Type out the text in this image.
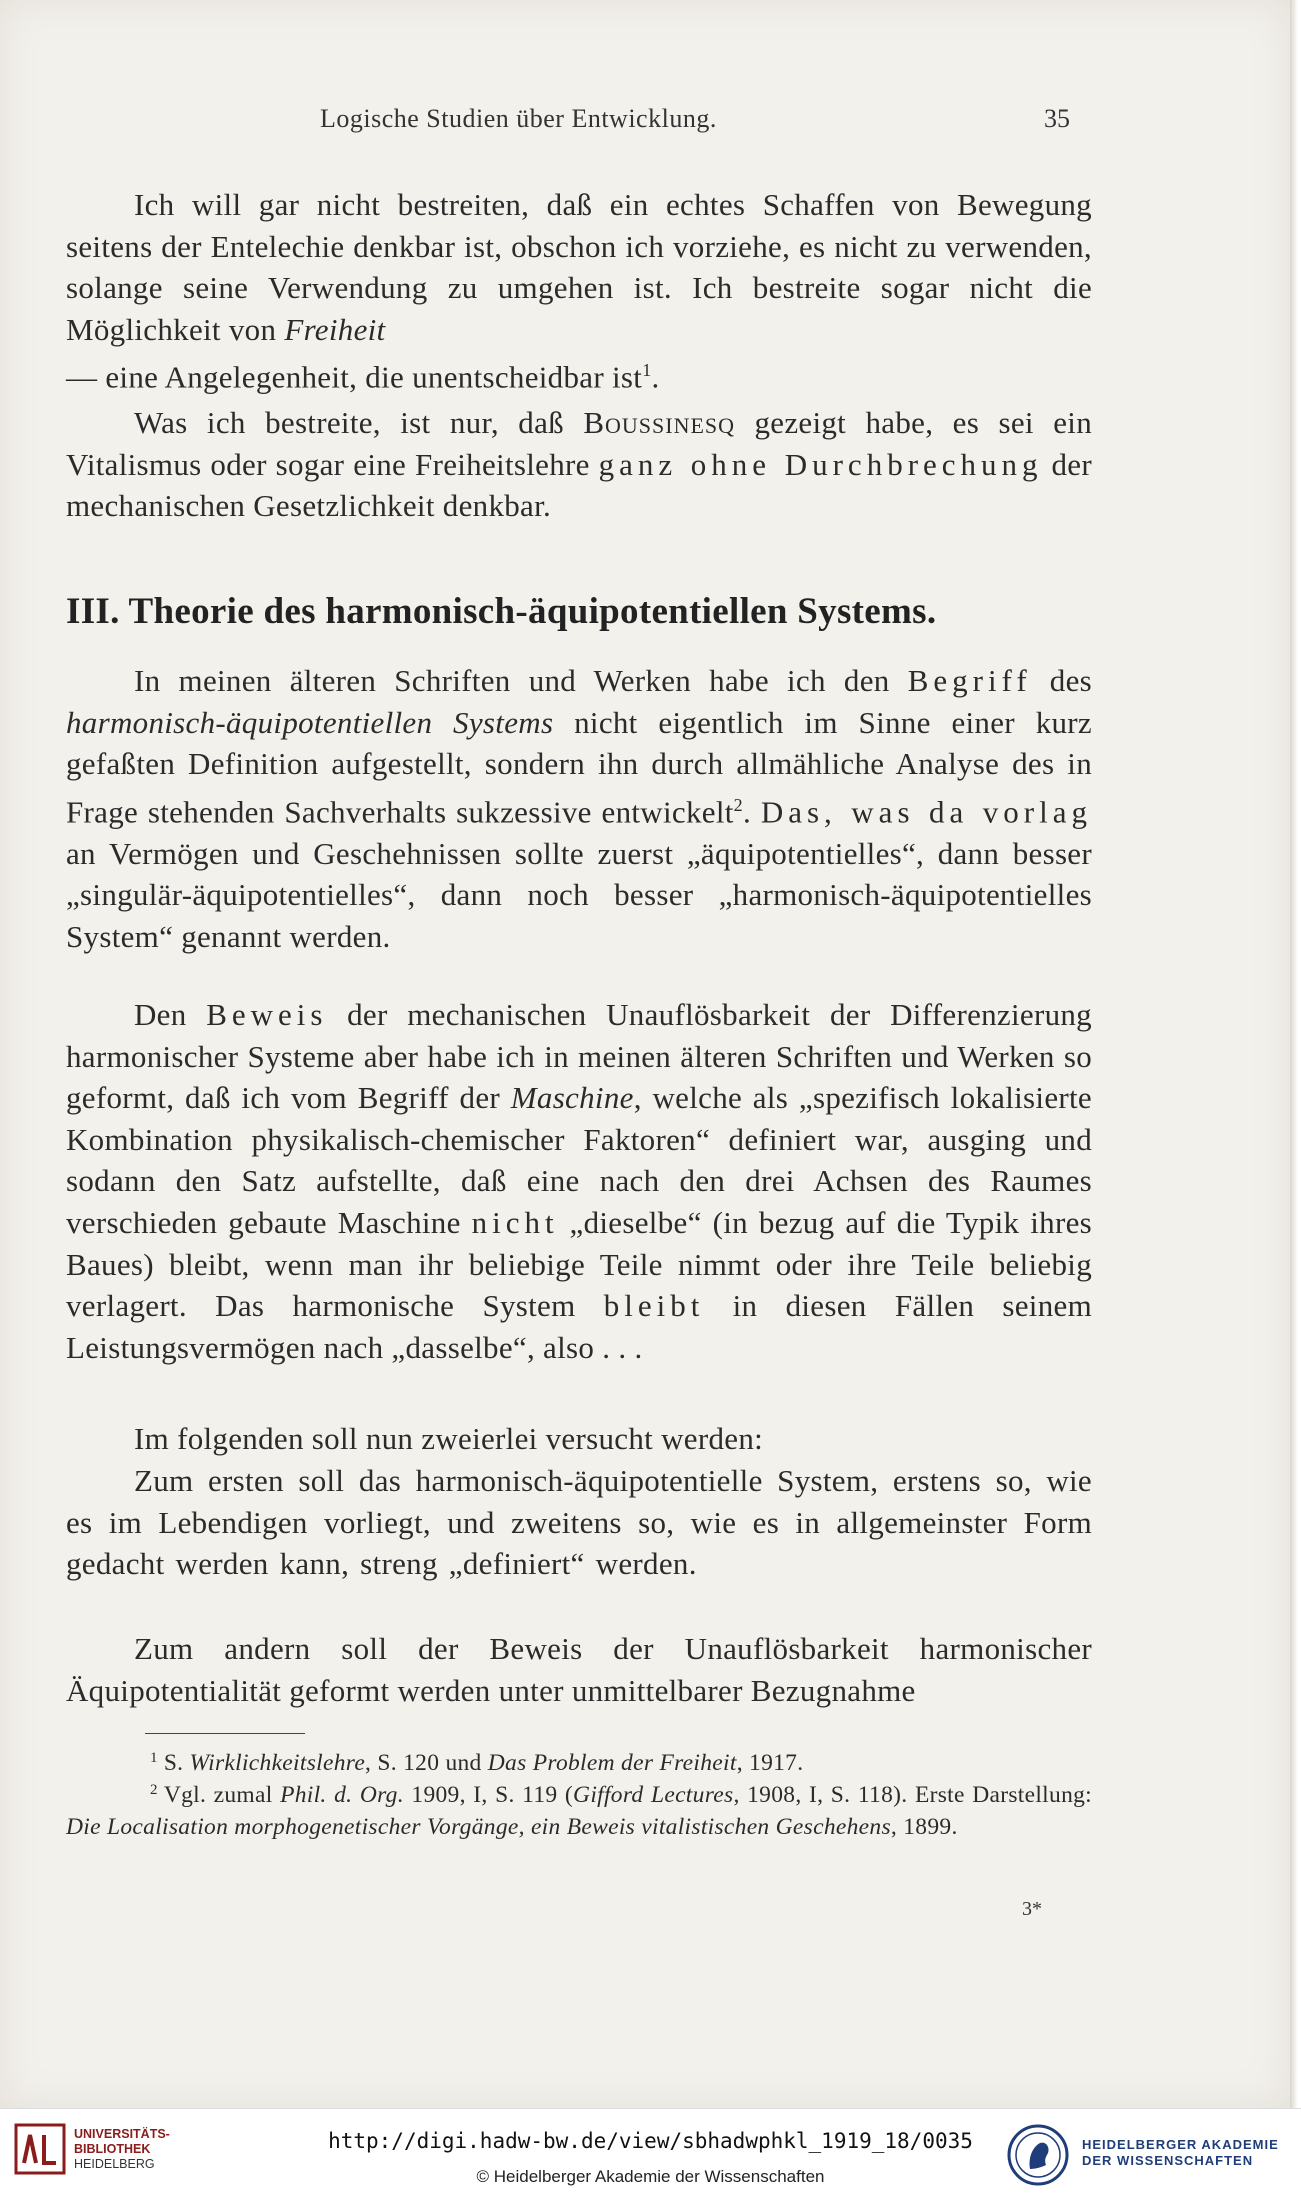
Logische Studien über Entwicklung.	35

Ich will gar nicht bestreiten, daß ein echtes Schaffen von Bewegung seitens der Entelechie denkbar ist, obschon ich vorziehe, es nicht zu verwenden, solange seine Verwendung zu umgehen ist. Ich bestreite sogar nicht die Möglichkeit von Freiheit
— eine Angelegenheit, die unentscheidbar ist$^1$.

Was ich bestreite, ist nur, daß Boussinesq gezeigt habe, es sei ein Vitalismus oder sogar eine Freiheitslehre ganz ohne Durchbrechung der mechanischen Gesetzlichkeit denkbar.

III. Theorie des harmonisch-äquipotentiellen Systems.

In meinen älteren Schriften und Werken habe ich den Begriff des harmonisch-äquipotentiellen Systems nicht eigentlich im Sinne einer kurz gefaßten Definition aufgestellt, sondern ihn durch allmähliche Analyse des in Frage stehenden Sachverhalts sukzessive entwickelt$^2$. Das, was da vorlag an Vermögen und Geschehnissen sollte zuerst „äquipotentielles“, dann besser „singulär-äquipotentielles“, dann noch besser „harmonisch-äquipotentielles System“ genannt werden.

Den Beweis der mechanischen Unauflösbarkeit der Differenzierung harmonischer Systeme aber habe ich in meinen älteren Schriften und Werken so geformt, daß ich vom Begriff der Maschine, welche als „spezifisch lokalisierte Kombination physikalisch-chemischer Faktoren“ definiert war, ausging und sodann den Satz aufstellte, daß eine nach den drei Achsen des Raumes verschieden gebaute Maschine nicht „dieselbe“ (in bezug auf die Typik ihres Baues) bleibt, wenn man ihr beliebige Teile nimmt oder ihre Teile beliebig verlagert. Das harmonische System bleibt in diesen Fällen seinem Leistungsvermögen nach „dasselbe“, also . . .

Im folgenden soll nun zweierlei versucht werden:

Zum ersten soll das harmonisch-äquipotentielle System, erstens so, wie es im Lebendigen vorliegt, und zweitens so, wie es in allgemeinster Form gedacht werden kann, streng „definiert“ werden.

Zum andern soll der Beweis der Unauflösbarkeit harmonischer Äquipotentialität geformt werden unter unmittelbarer Bezugnahme

$^1$ S. Wirklichkeitslehre, S. 120 und Das Problem der Freiheit, 1917.

$^2$ Vgl. zumal Phil. d. Org. 1909, I, S. 119 (Gifford Lectures, 1908, I, S. 118). Erste Darstellung: Die Localisation morphogenetischer Vorgänge, ein Beweis vitalistischen Geschehens, 1899.

3*
UNIVERSITÄTS-
BIBLIOTHEK
HEIDELBERG
http://digi.hadw-bw.de/view/sbhadwphkl_1919_18/0035
© Heidelberger Akademie der Wissenschaften
HEIDELBERGER AKADEMIE
DER WISSENSCHAFTEN
